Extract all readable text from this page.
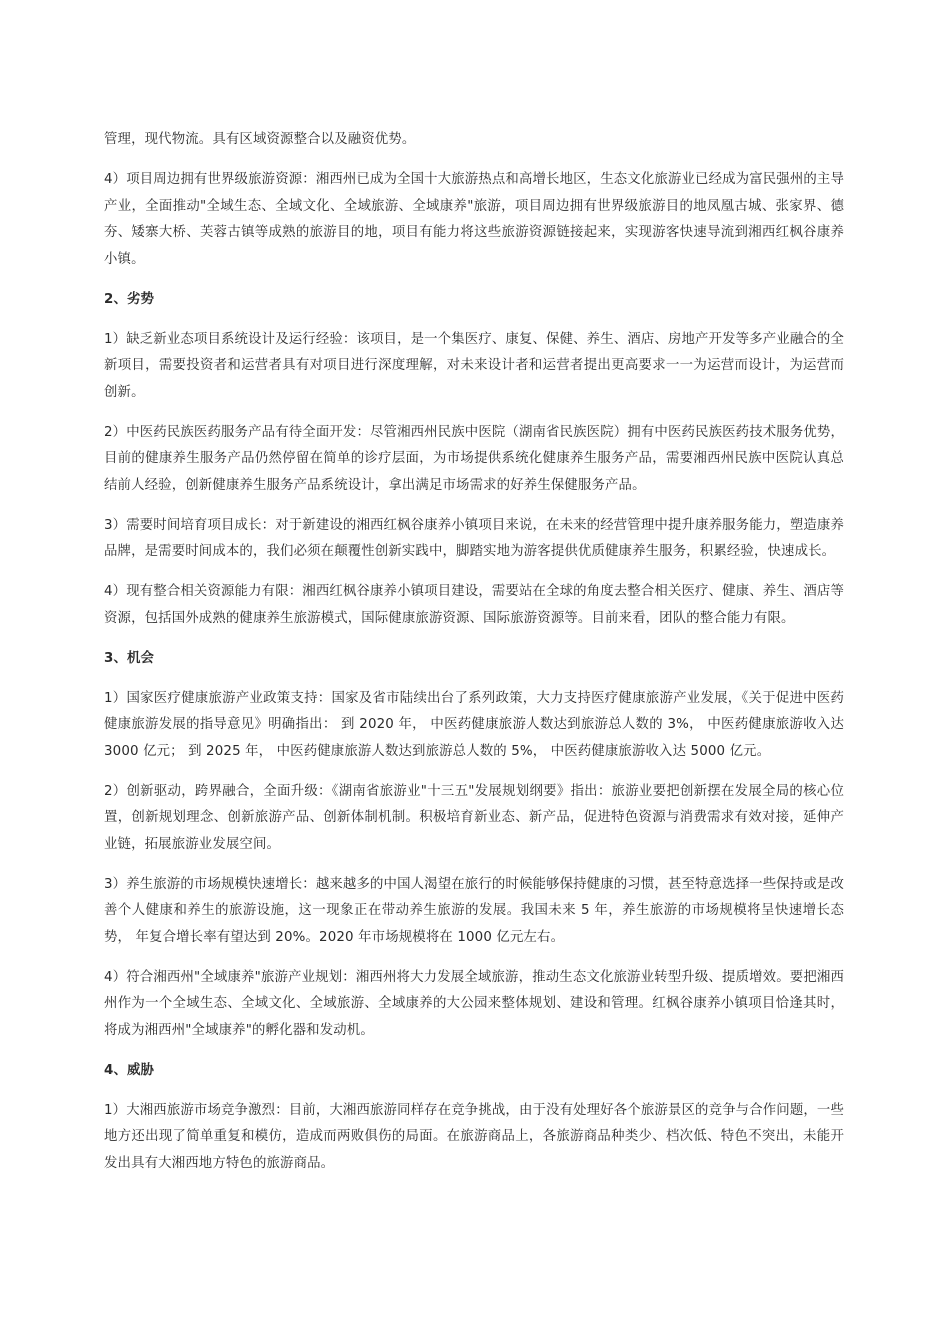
管理，现代物流。具有区域资源整合以及融资优势。

4）项目周边拥有世界级旅游资源：湘西州已成为全国十大旅游热点和高增长地区，生态文化旅游业已经成为富民强州的主导产业，全面推动"全域生态、全域文化、全域旅游、全域康养"旅游，项目周边拥有世界级旅游目的地凤凰古城、张家界、德夯、矮寨大桥、芙蓉古镇等成熟的旅游目的地，项目有能力将这些旅游资源链接起来，实现游客快速导流到湘西红枫谷康养小镇。

2、劣势

1）缺乏新业态项目系统设计及运行经验：该项目，是一个集医疗、康复、保健、养生、酒店、房地产开发等多产业融合的全新项目，需要投资者和运营者具有对项目进行深度理解，对未来设计者和运营者提出更高要求一一为运营而设计，为运营而创新。

2）中医药民族医药服务产品有待全面开发：尽管湘西州民族中医院（湖南省民族医院）拥有中医药民族医药技术服务优势，目前的健康养生服务产品仍然停留在简单的诊疗层面，为市场提供系统化健康养生服务产品，需要湘西州民族中医院认真总结前人经验，创新健康养生服务产品系统设计，拿出满足市场需求的好养生保健服务产品。

3）需要时间培育项目成长：对于新建设的湘西红枫谷康养小镇项目来说，在未来的经营管理中提升康养服务能力，塑造康养品牌，是需要时间成本的，我们必须在颠覆性创新实践中，脚踏实地为游客提供优质健康养生服务，积累经验，快速成长。

4）现有整合相关资源能力有限：湘西红枫谷康养小镇项目建设，需要站在全球的角度去整合相关医疗、健康、养生、酒店等资源，包括国外成熟的健康养生旅游模式，国际健康旅游资源、国际旅游资源等。目前来看，团队的整合能力有限。

3、机会

1）国家医疗健康旅游产业政策支持：国家及省市陆续出台了系列政策，大力支持医疗健康旅游产业发展，《关于促进中医药健康旅游发展的指导意见》明确指出： 到 2020 年， 中医药健康旅游人数达到旅游总人数的 3%， 中医药健康旅游收入达 3000 亿元； 到 2025 年， 中医药健康旅游人数达到旅游总人数的 5%， 中医药健康旅游收入达 5000 亿元。

2）创新驱动，跨界融合，全面升级：《湖南省旅游业"十三五"发展规划纲要》指出：旅游业要把创新摆在发展全局的核心位置，创新规划理念、创新旅游产品、创新体制机制。积极培育新业态、新产品，促进特色资源与消费需求有效对接，延伸产业链，拓展旅游业发展空间。

3）养生旅游的市场规模快速增长：越来越多的中国人渴望在旅行的时候能够保持健康的习惯，甚至特意选择一些保持或是改善个人健康和养生的旅游设施，这一现象正在带动养生旅游的发展。我国未来 5 年，养生旅游的市场规模将呈快速增长态势， 年复合增长率有望达到 20%。2020 年市场规模将在 1000 亿元左右。

4）符合湘西州"全域康养"旅游产业规划：湘西州将大力发展全域旅游，推动生态文化旅游业转型升级、提质增效。要把湘西州作为一个全域生态、全域文化、全域旅游、全域康养的大公园来整体规划、建设和管理。红枫谷康养小镇项目恰逢其时，将成为湘西州"全域康养"的孵化器和发动机。

4、威胁

1）大湘西旅游市场竞争激烈：目前，大湘西旅游同样存在竞争挑战，由于没有处理好各个旅游景区的竞争与合作问题，一些地方还出现了简单重复和模仿，造成而两败俱伤的局面。在旅游商品上，各旅游商品种类少、档次低、特色不突出，未能开发出具有大湘西地方特色的旅游商品。
